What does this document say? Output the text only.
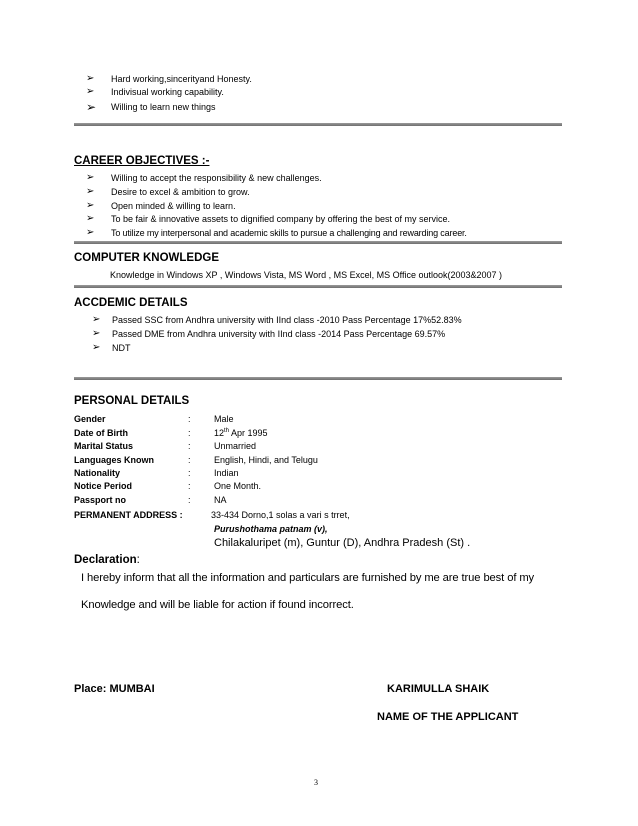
➢ Hard working,sincerityand Honesty.
➢ Indivisual working capability.
➢ Willing to learn new things
CAREER OBJECTIVES :-
➢ Willing to accept the responsibility & new challenges.
➢ Desire to excel & ambition to grow.
➢ Open minded & willing to learn.
➢ To be fair & innovative assets to dignified company by offering the best of my service.
➢ To utilize my interpersonal and academic skills to pursue a challenging and rewarding career.
COMPUTER KNOWLEDGE
Knowledge in Windows XP , Windows Vista, MS Word , MS Excel, MS Office outlook(2003&2007 )
ACCDEMIC DETAILS
➢ Passed SSC from Andhra university with IInd class -2010 Pass Percentage 17%52.83%
➢ Passed DME from Andhra university with IInd class -2014 Pass Percentage 69.57%
➢ NDT
PERSONAL DETAILS
Gender	:	Male
Date of Birth	:	12th Apr 1995
Marital Status	:	Unmarried
Languages Known	:	English, Hindi, and Telugu
Nationality	:	Indian
Notice Period	:	One Month.
Passport no	:	NA
PERMANENT ADDRESS :	33-434 Dorno,1 solas a vari s trret,
Purushothama patnam (v),
Chilakaluripet (m), Guntur (D), Andhra Pradesh (St) .
Declaration:
I hereby inform that all the information and particulars are furnished by me are true best of my
Knowledge and will be liable for action if found incorrect.
Place: MUMBAI	KARIMULLA SHAIK
NAME OF THE APPLICANT
3
